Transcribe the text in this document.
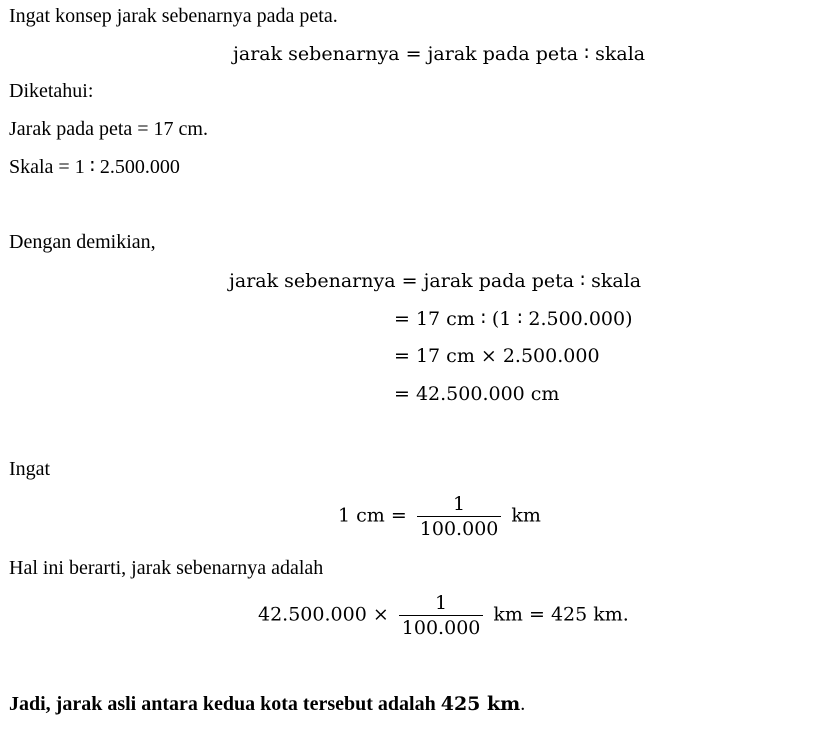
Ingat konsep jarak sebenarnya pada peta.
jarak sebenarnya = jarak pada peta ∶ skala
Diketahui:
Jarak pada peta = 17 cm.
Skala = 1 ∶ 2.500.000
Dengan demikian,
jarak sebenarnya = jarak pada peta ∶ skala
= 17 cm ∶ (1 ∶ 2.500.000)
= 17 cm × 2.500.000
= 42.500.000 cm
Ingat
1 cm = $\frac{1}{100.000}$ km
Hal ini berarti, jarak sebenarnya adalah
$42.500.000 \times \frac{1}{100.000}$ km = 425 km.
Jadi, jarak asli antara kedua kota tersebut adalah 425 km.
